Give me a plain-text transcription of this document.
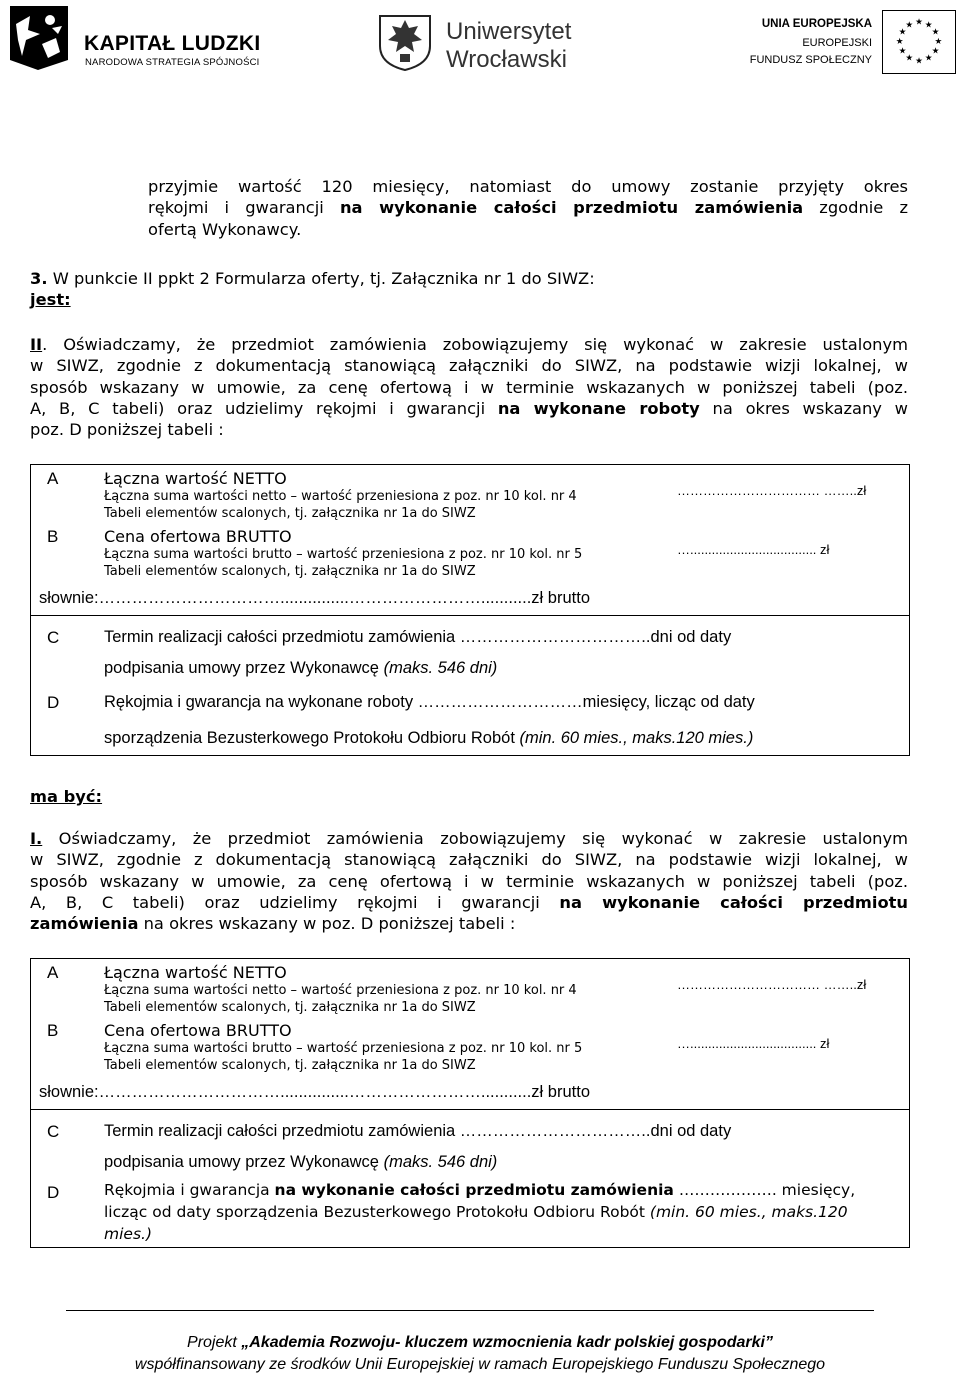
KAPITAŁ LUDZKI
NARODOWA STRATEGIA SPÓJNOŚCI
Uniwersytet
Wrocławski
UNIA EUROPEJSKA
EUROPEJSKI
FUNDUSZ SPOŁECZNY
★ ★
★
★
★
★
★
★
★
★
★
★
przyjmie wartość 120 miesięcy, natomiast do umowy zostanie przyjęty okres
rękojmi i gwarancji na wykonanie całości przedmiotu zamówienia zgodnie z
ofertą Wykonawcy.
3. W punkcie II ppkt 2 Formularza oferty, tj. Załącznika nr 1 do SIWZ:
jest:
II. Oświadczamy, że przedmiot zamówienia zobowiązujemy się wykonać w zakresie ustalonym
w SIWZ, zgodnie z dokumentacją stanowiącą załączniki do SIWZ, na podstawie wizji lokalnej, w
sposób wskazany w umowie, za cenę ofertową i w terminie wskazanych w poniższej tabeli (poz.
A, B, C tabeli) oraz udzielimy rękojmi i gwarancji na wykonane roboty na okres wskazany w
poz. D poniższej tabeli :
A	Łączna wartość NETTO
Łączna suma wartości netto – wartość przeniesiona z poz. nr 10 kol. nr 4
Tabeli elementów scalonych, tj. załącznika nr 1a do SIWZ
…………………………… ……..zł
B	Cena ofertowa BRUTTO
Łączna suma wartości brutto – wartość przeniesiona z poz. nr 10 kol. nr 5
Tabeli elementów scalonych, tj. załącznika nr 1a do SIWZ
…................................... zł
słownie:……………………………...............……………………...........zł brutto
C	Termin realizacji całości przedmiotu zamówienia ……………………………..dni od daty
podpisania umowy przez Wykonawcę (maks. 546 dni)
D	Rękojmia i gwarancja na wykonane roboty …………………………miesięcy, licząc od daty
sporządzenia Bezusterkowego Protokołu Odbioru Robót (min. 60 mies., maks.120 mies.)
ma być:
I. Oświadczamy, że przedmiot zamówienia zobowiązujemy się wykonać w zakresie ustalonym
w SIWZ, zgodnie z dokumentacją stanowiącą załączniki do SIWZ, na podstawie wizji lokalnej, w
sposób wskazany w umowie, za cenę ofertową i w terminie wskazanych w poniższej tabeli (poz.
A, B, C tabeli) oraz udzielimy rękojmi i gwarancji na wykonanie całości przedmiotu
zamówienia na okres wskazany w poz. D poniższej tabeli :
A	Łączna wartość NETTO
Łączna suma wartości netto – wartość przeniesiona z poz. nr 10 kol. nr 4
Tabeli elementów scalonych, tj. załącznika nr 1a do SIWZ
…………………………… ……..zł
B	Cena ofertowa BRUTTO
Łączna suma wartości brutto – wartość przeniesiona z poz. nr 10 kol. nr 5
Tabeli elementów scalonych, tj. załącznika nr 1a do SIWZ
…................................... zł
słownie:……………………………...............……………………...........zł brutto
C	Termin realizacji całości przedmiotu zamówienia ……………………………..dni od daty
podpisania umowy przez Wykonawcę (maks. 546 dni)
D	Rękojmia i gwarancja na wykonanie całości przedmiotu zamówienia ………………. miesięcy,
licząc od daty sporządzenia Bezusterkowego Protokołu Odbioru Robót (min. 60 mies., maks.120
mies.)
Projekt „Akademia Rozwoju- kluczem wzmocnienia kadr polskiej gospodarki”
współfinansowany ze środków Unii Europejskiej w ramach Europejskiego Funduszu Społecznego
